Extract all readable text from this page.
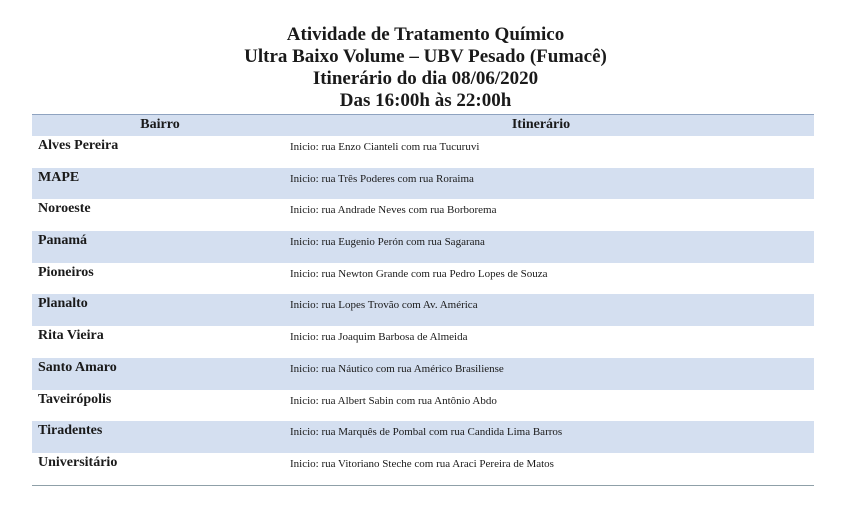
Atividade de Tratamento Químico
Ultra Baixo Volume – UBV Pesado (Fumacê)
Itinerário do dia 08/06/2020
Das 16:00h às 22:00h
Bairro	Itinerário
Alves Pereira	Inicio: rua Enzo Cianteli com rua Tucuruvi
MAPE	Inicio: rua Três Poderes com rua Roraima
Noroeste	Inicio: rua Andrade Neves com rua Borborema
Panamá	Inicio: rua Eugenio Perón com rua Sagarana
Pioneiros	Inicio: rua Newton Grande com rua Pedro Lopes de Souza
Planalto	Inicio: rua Lopes Trovão com Av. América
Rita Vieira	Inicio: rua Joaquim Barbosa de Almeida
Santo Amaro	Inicio: rua Náutico com rua Américo Brasiliense
Taveirópolis	Inicio: rua Albert Sabin com rua Antônio Abdo
Tiradentes	Inicio: rua Marquês de Pombal com rua Candida Lima Barros
Universitário	Inicio: rua Vitoriano Steche com rua Araci Pereira de Matos
